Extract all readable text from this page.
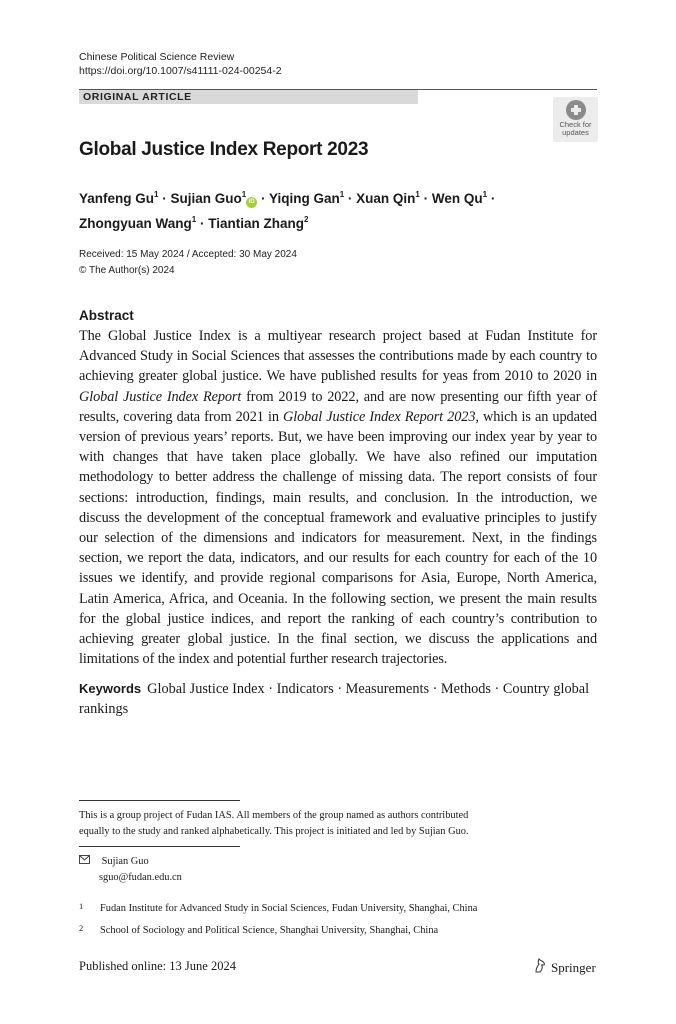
Chinese Political Science Review
https://doi.org/10.1007/s41111-024-00254-2
ORIGINAL ARTICLE
Check for
updates
Global Justice Index Report 2023
Yanfeng $Gu^1$ · Sujian Guo$^1$iD · Yiqing Gan$^1$ · Xuan Qin$^1$ · Wen $Qu^1$ ·
Zhongyuan Wang$^1$ · Tiantian Zhang$^2$
Received: 15 May 2024 / Accepted: 30 May 2024
© The Author(s) 2024
Abstract

The Global Justice Index is a multiyear research project based at Fudan Institute for Advanced Study in Social Sciences that assesses the contributions made by each country to achieving greater global justice. We have published results for yeas from 2010 to 2020 in Global Justice Index Report from 2019 to 2022, and are now presenting our fifth year of results, covering data from 2021 in Global Justice Index Report 2023, which is an updated version of previous years’ reports. But, we have been improving our index year by year to with changes that have taken place globally. We have also refined our imputation methodology to better address the challenge of missing data. The report consists of four sections: introduction, findings, main results, and conclusion. In the introduction, we discuss the development of the conceptual framework and evaluative principles to justify our selection of the dimensions and indicators for measurement. Next, in the findings section, we report the data, indicators, and our results for each country for each of the 10 issues we identify, and provide regional comparisons for Asia, Europe, North America, Latin America, Africa, and Oceania. In the following section, we present the main results for the global justice indices, and report the ranking of each country’s contribution to achieving greater global justice. In the final section, we discuss the applications and limitations of the index and potential further research trajectories.

Keywords Global Justice Index · Indicators · Measurements · Methods · Country global rankings
This is a group project of Fudan IAS. All members of the group named as authors contributed
equally to the study and ranked alphabetically. This project is initiated and led by Sujian Guo.
Sujian Guo
sguo@fudan.edu.cn
1 Fudan Institute for Advanced Study in Social Sciences, Fudan University, Shanghai, China
2 School of Sociology and Political Science, Shanghai University, Shanghai, China
Published online: 13 June 2024	Springer
